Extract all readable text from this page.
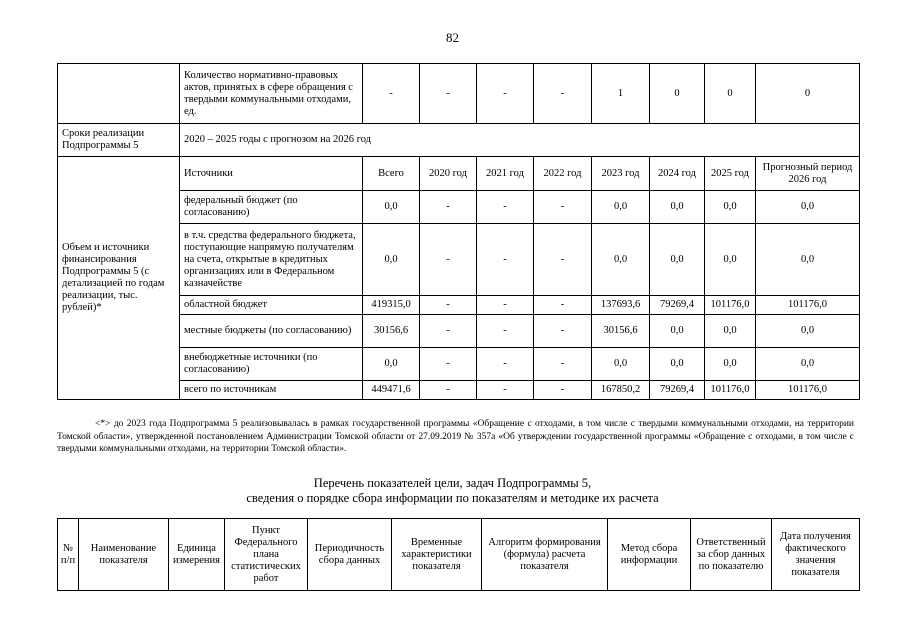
82
	Количество нормативно-правовых актов, принятых в сфере обращения с твердыми коммунальными отходами, ед.	-	-	-	-	1	0	0	0
Сроки реализации Подпрограммы 5	2020 – 2025 годы с прогнозом на 2026 год								
Объем и источники финансирования Подпрограммы 5 (с детализацией по годам реализации, тыс. рублей)*	Источники	Всего	2020 год	2021 год	2022 год	2023 год	2024 год	2025 год	Прогнозный период 2026 год
	федеральный бюджет (по согласованию)	0,0	-	-	-	0,0	0,0	0,0	0,0
	в т.ч. средства федерального бюджета, поступающие напрямую получателям на счета, открытые в кредитных организациях или в Федеральном казначействе	0,0	-	-	-	0,0	0,0	0,0	0,0
	областной бюджет	419315,0	-	-	-	137693,6	79269,4	101176,0	101176,0
	местные бюджеты (по согласованию)	30156,6	-	-	-	30156,6	0,0	0,0	0,0
	внебюджетные источники (по согласованию)	0,0	-	-	-	0,0	0,0	0,0	0,0
	всего по источникам	449471,6	-	-	-	167850,2	79269,4	101176,0	101176,0
<*> до 2023 года Подпрограмма 5 реализовывалась в рамках государственной программы «Обращение с отходами, в том числе с твердыми коммунальными отходами, на территории Томской области», утвержденной постановлением Администрации Томской области от 27.09.2019 № 357а «Об утверждении государственной программы «Обращение с отходами, в том числе с твердыми коммунальными отходами, на территории Томской области».
Перечень показателей цели, задач Подпрограммы 5,
сведения о порядке сбора информации по показателям и методике их расчета
№ п/п	Наименование показателя	Единица измерения	Пункт Федерального плана статистических работ	Периодичность сбора данных	Временные характеристики показателя	Алгоритм формирования (формула) расчета показателя	Метод сбора информации	Ответственный за сбор данных по показателю	Дата получения фактического значения показателя
